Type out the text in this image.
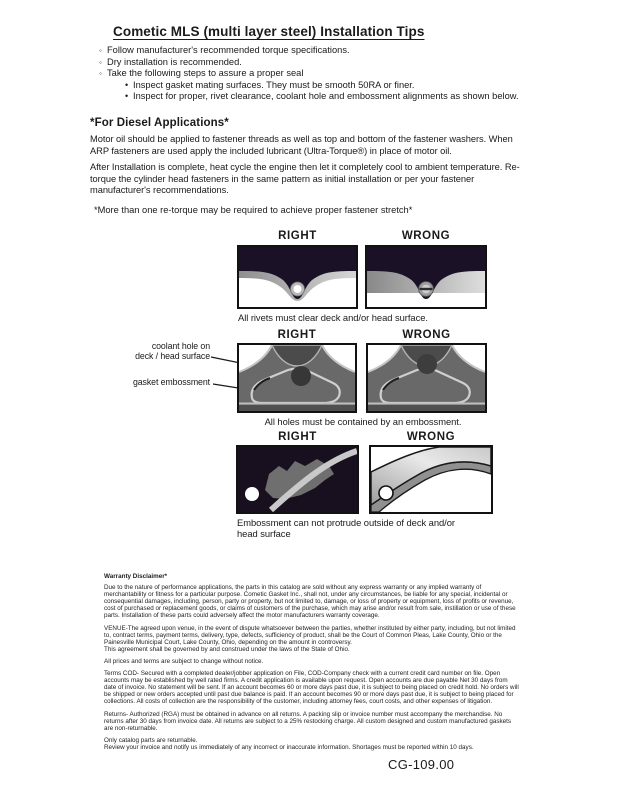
Cometic MLS (multi layer steel) Installation Tips
◦ Follow manufacturer's recommended torque specifications.
◦ Dry installation is recommended.
◦ Take the following steps to assure a proper seal
• Inspect gasket mating surfaces. They must be smooth 50RA or finer.
• Inspect for proper, rivet clearance, coolant hole and embossment alignments as shown below.
*For Diesel Applications*
Motor oil should be applied to fastener threads as well as top and bottom of the fastener washers. When ARP fasteners are used apply the included lubricant (Ultra-Torque®) in place of motor oil.
After Installation is complete, heat cycle the engine then let it completely cool to ambient temperature. Re-torque the cylinder head fasteners in the same pattern as initial installation or per your fastener manufacturer's recommendations.
*More than one re-torque may be required to achieve proper fastener stretch*
RIGHT	WRONG
All rivets must clear deck and/or head surface.
RIGHT	WRONG
coolant hole on
deck / head surface
gasket embossment
All holes must be contained by an embossment.
RIGHT	WRONG
Embossment can not protrude outside of deck and/or head surface

Warranty Disclaimer*

Due to the nature of performance applications, the parts in this catalog are sold without any express warranty or any implied warranty of merchantability or fitness for a particular purpose. Cometic Gasket Inc., shall not, under any circumstances, be liable for any special, incidental or consequential damages, including, person, party or property, but not limited to, damage, or loss of property or equipment, loss of profits or revenue, cost of purchased or replacement goods, or claims of customers of the purchase, which may arise and/or result from sale, instillation or use of these parts. Installation of these parts could adversely affect the motor manufacturers warranty coverage.

VENUE-The agreed upon venue, in the event of dispute whatsoever between the parties, whether instituted by either party, including, but not limited to, contract terms, payment terms, delivery, type, defects, sufficiency of product, shall be the Court of Common Pleas, Lake County, Ohio or the Painesville Municipal Court, Lake County, Ohio, depending on the amount in controversy.

This agreement shall be governed by and construed under the laws of the State of Ohio.

All prices and terms are subject to change without notice.

Terms COD- Secured with a completed dealer/jobber application on File, COD-Company check with a current credit card number on file. Open accounts may be established by well rated firms. A credit application is available upon request. Open accounts are due payable Net 30 days from date of invoice. No statement will be sent. If an account becomes 60 or more days past due, it is subject to being placed on credit hold. No orders will be shipped or new orders accepted until past due balance is paid. If an account becomes 90 or more days past due, it is subject to being placed for collections. All costs of collection are the responsibility of the customer, including attorney fees, court costs, and other expenses of litigation.

Returns- Authorized (RGA) must be obtained in advance on all returns. A packing slip or invoice number must accompany the merchandise. No returns after 30 days from invoice date. All returns are subject to a 25% restocking charge. All custom designed and custom manufactured gaskets are non-returnable.

Only catalog parts are returnable.

Review your invoice and notify us immediately of any incorrect or inaccurate information. Shortages must be reported within 10 days.

CG-109.00
